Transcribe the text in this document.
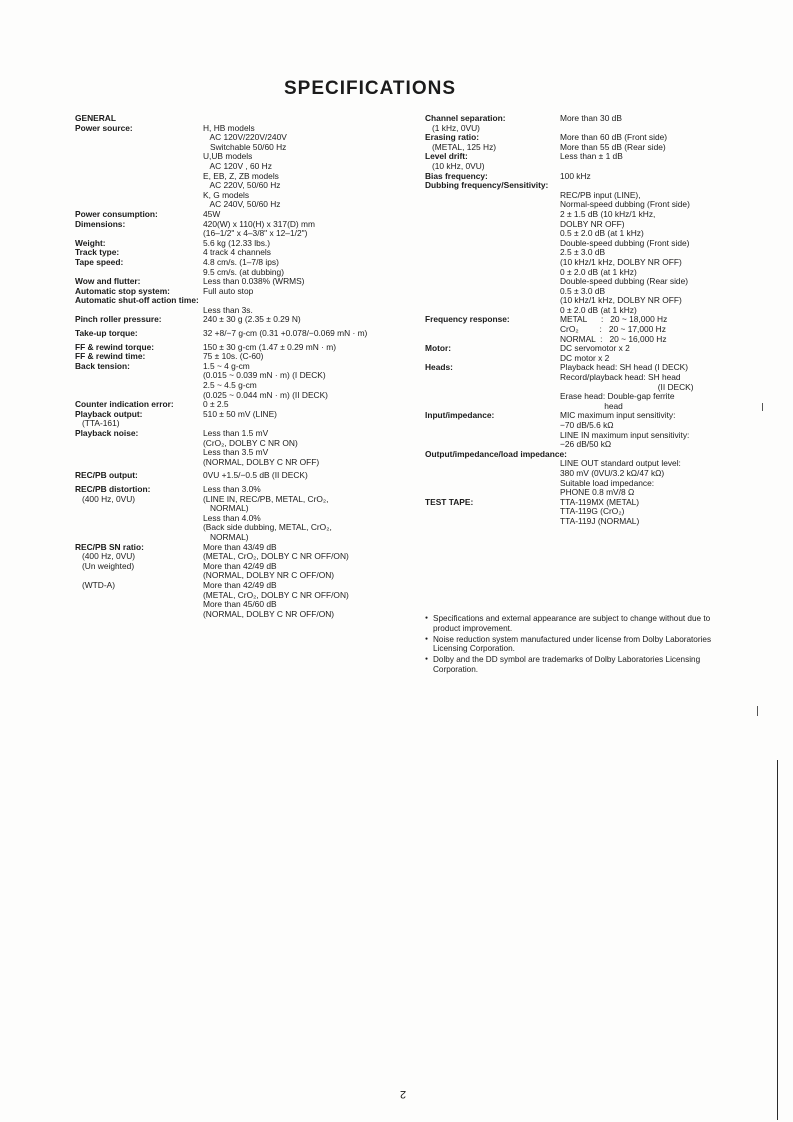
SPECIFICATIONS
GENERAL
Power source:	H, HB models
AC 120V/220V/240V
Switchable 50/60 Hz
U,UB models
AC 120V , 60 Hz
E, EB, Z, ZB models
AC 220V, 50/60 Hz
K, G models
AC 240V, 50/60 Hz
Power consumption:	45W
Dimensions:	420(W) x 110(H) x 317(D) mm
(16–1/2" x 4–3/8" x 12–1/2")
Weight:	5.6 kg (12.33 lbs.)
Track type:	4 track 4 channels
Tape speed:	4.8 cm/s. (1–7/8 ips)
9.5 cm/s. (at dubbing)
Wow and flutter:	Less than 0.038% (WRMS)
Automatic stop system:	Full auto stop
Automatic shut-off action time:
Less than 3s.
Pinch roller pressure:	240 ± 30 g (2.35 ± 0.29 N)
Take-up torque:	32 +8/−7 g-cm (0.31 +0.078/−0.069 mN · m)
FF & rewind torque:	150 ± 30 g-cm (1.47 ± 0.29 mN · m)
FF & rewind time:	75 ± 10s. (C-60)
Back tension:	1.5 ~ 4 g-cm
(0.015 ~ 0.039 mN · m) (I DECK)
2.5 ~ 4.5 g-cm
(0.025 ~ 0.044 mN · m) (II DECK)
Counter indication error:	0 ± 2.5
Playback output:	510 ± 50 mV (LINE)
(TTA-161)
Playback noise:	Less than 1.5 mV
(CrO₂, DOLBY C NR ON)
Less than 3.5 mV
(NORMAL, DOLBY C NR OFF)
REC/PB output:	0VU +1.5/−0.5 dB (II DECK)
REC/PB distortion:	Less than 3.0%
(400 Hz, 0VU)	(LINE IN, REC/PB, METAL, CrO₂,
NORMAL)
Less than 4.0%
(Back side dubbing, METAL, CrO₂,
NORMAL)
REC/PB SN ratio:	More than 43/49 dB
(400 Hz, 0VU)	(METAL, CrO₂, DOLBY C NR OFF/ON)
(Un weighted)	More than 42/49 dB
(NORMAL, DOLBY NR C OFF/ON)
(WTD-A)	More than 42/49 dB
(METAL, CrO₂, DOLBY C NR OFF/ON)
More than 45/60 dB
(NORMAL, DOLBY C NR OFF/ON)
Channel separation:	More than 30 dB
(1 kHz, 0VU)
Erasing ratio:	More than 60 dB (Front side)
(METAL, 125 Hz)	More than 55 dB (Rear side)
Level drift:	Less than ± 1 dB
(10 kHz, 0VU)
Bias frequency:	100 kHz
Dubbing frequency/Sensitivity:
REC/PB input (LINE),
Normal-speed dubbing (Front side)
2 ± 1.5 dB (10 kHz/1 kHz,
DOLBY NR OFF)
0.5 ± 2.0 dB (at 1 kHz)
Double-speed dubbing (Front side)
2.5 ± 3.0 dB
(10 kHz/1 kHz, DOLBY NR OFF)
0 ± 2.0 dB (at 1 kHz)
Double-speed dubbing (Rear side)
0.5 ± 3.0 dB
(10 kHz/1 kHz, DOLBY NR OFF)
0 ± 2.0 dB (at 1 kHz)
Frequency response:	METAL      :   20 ~ 18,000 Hz
CrO₂         :   20 ~ 17,000 Hz
NORMAL  :   20 ~ 16,000 Hz
Motor:	DC servomotor x 2
DC motor x 2
Heads:	Playback head: SH head (I DECK)
Record/playback head: SH head
(II DECK)
Erase head: Double-gap ferrite
head
Input/impedance:	MIC maximum input sensitivity:
−70 dB/5.6 kΩ
LINE IN maximum input sensitivity:
−26 dB/50 kΩ
Output/impedance/load impedance:
LINE OUT standard output level:
380 mV (0VU/3.2 kΩ/47 kΩ)
Suitable load impedance:
PHONE 0.8 mV/8 Ω
TEST TAPE:	TTA-119MX (METAL)
TTA-119G (CrO₂)
TTA-119J (NORMAL)
● Specifications and external appearance are subject to change without due to product improvement.
● Noise reduction system manufactured under license from Dolby Laboratories Licensing Corporation.
● Dolby and the DD symbol are trademarks of Dolby Laboratories Licensing Corporation.
2
